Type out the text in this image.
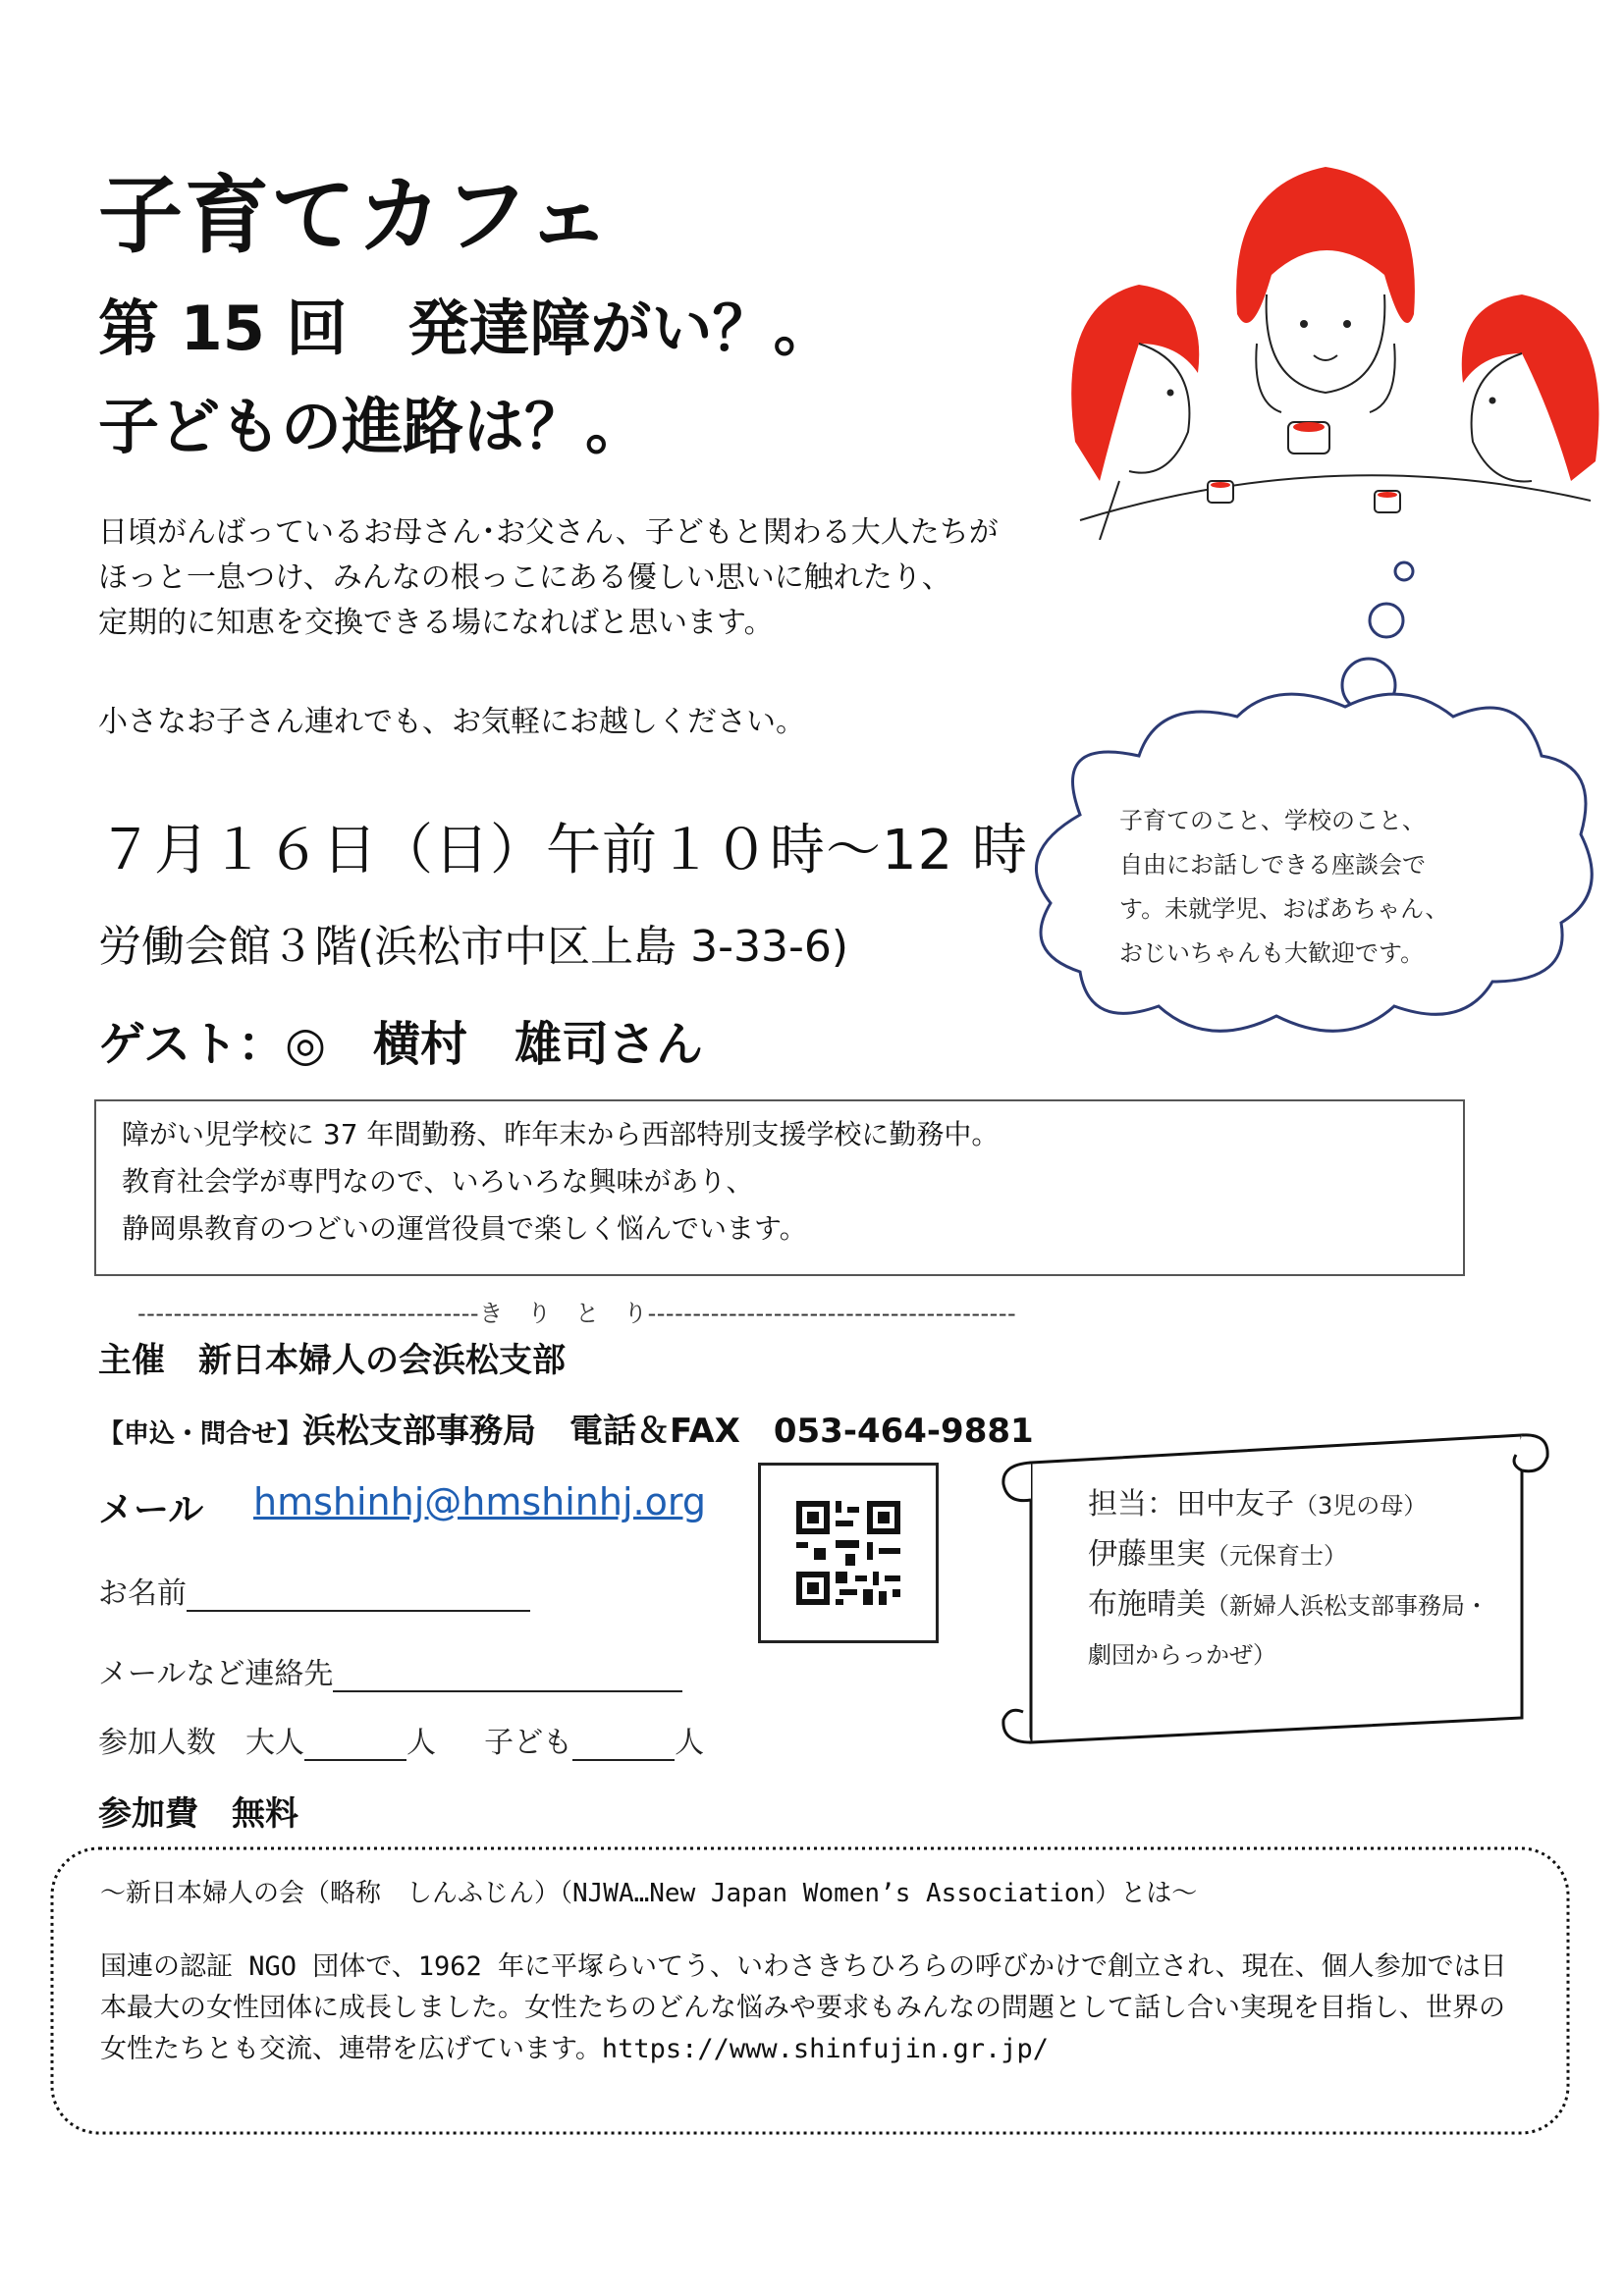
子育てカフェ
第 15 回　発達障がい？。
子どもの進路は？。
日頃がんばっているお母さん･お父さん、子どもと関わる大人たちが
ほっと一息つけ、みんなの根っこにある優しい思いに触れたり、
定期的に知恵を交換できる場になればと思います。
小さなお子さん連れでも、お気軽にお越しください。
子育てのこと、学校のこと、
自由にお話しできる座談会で
す。未就学児、おばあちゃん、
おじいちゃんも大歓迎です。
７月１６日（日）午前１０時～12 時
労働会館３階(浜松市中区上島 3-33-6)
ゲスト：◎　横村　雄司さん
障がい児学校に 37 年間勤務、昨年末から西部特別支援学校に勤務中。
教育社会学が専門なので、いろいろな興味があり、
静岡県教育のつどいの運営役員で楽しく悩んでいます。
--------------------------------------き　り　と　り-----------------------------------------
主催　新日本婦人の会浜松支部
【申込・問合せ】浜松支部事務局　電話＆FAX　053-464-9881
メール hmshinhj@hmshinhj.org
お名前
メールなど連絡先
参加人数　大人	人 子ども	人
参加費　無料
担当：田中友子（3児の母）
伊藤里実（元保育士）
布施晴美（新婦人浜松支部事務局・
劇団からっかぜ）
～新日本婦人の会（略称　しんふじん）（NJWA…New Japan Women’s Association）とは～
国連の認証 NGO 団体で、1962 年に平塚らいてう、いわさきちひろらの呼びかけで創立され、現在、個人参加では日本最大の女性団体に成長しました。女性たちのどんな悩みや要求もみんなの問題として話し合い実現を目指し、世界の女性たちとも交流、連帯を広げています。https://www.shinfujin.gr.jp/
